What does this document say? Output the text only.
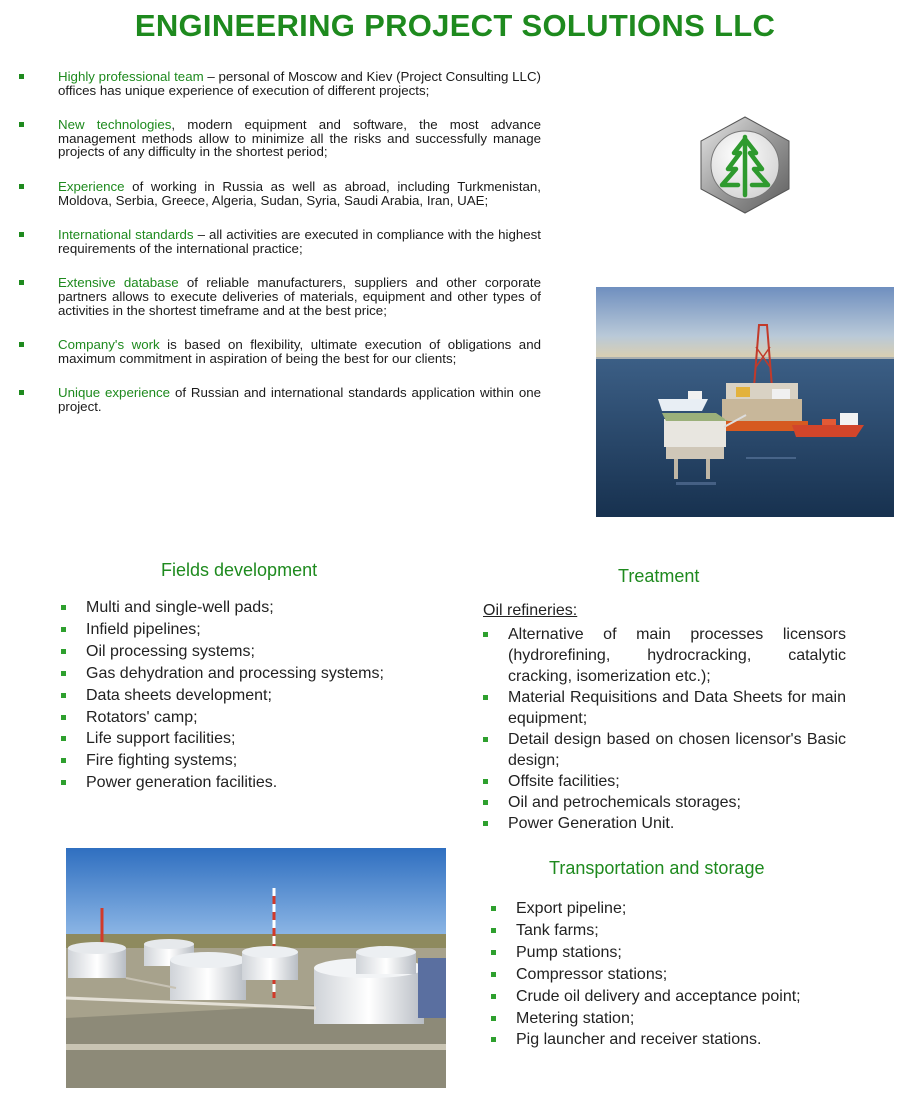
ENGINEERING PROJECT SOLUTIONS LLC
Highly professional team – personal of Moscow and Kiev (Project Consulting LLC) offices has unique experience of execution of different projects;
New technologies, modern equipment and software, the most advance management methods allow to minimize all the risks and successfully manage projects of any difficulty in the shortest period;
Experience of working in Russia as well as abroad, including Turkmenistan, Moldova, Serbia, Greece, Algeria, Sudan, Syria, Saudi Arabia, Iran, UAE;
International standards – all activities are executed in compliance with the highest requirements of the international practice;
Extensive database of reliable manufacturers, suppliers and other corporate partners allows to execute deliveries of materials, equipment and other types of activities in the shortest timeframe and at the best price;
Company's work is based on flexibility, ultimate execution of obligations and maximum commitment in aspiration of being the best for our clients;
Unique experience of Russian and international standards application within one project.
Fields development
Multi and single-well pads;
Infield pipelines;
Oil processing systems;
Gas dehydration and processing systems;
Data sheets development;
Rotators' camp;
Life support facilities;
Fire fighting systems;
Power generation facilities.
Treatment
Oil refineries:
Alternative of main processes licensors (hydrorefining, hydrocracking, catalytic cracking, isomerization etc.);
Material Requisitions and Data Sheets for main equipment;
Detail design based on chosen licensor's Basic design;
Offsite facilities;
Oil and petrochemicals storages;
Power Generation Unit.
Transportation and storage
Export pipeline;
Tank farms;
Pump stations;
Compressor stations;
Crude oil delivery and acceptance point;
Metering station;
Pig launcher and receiver stations.
